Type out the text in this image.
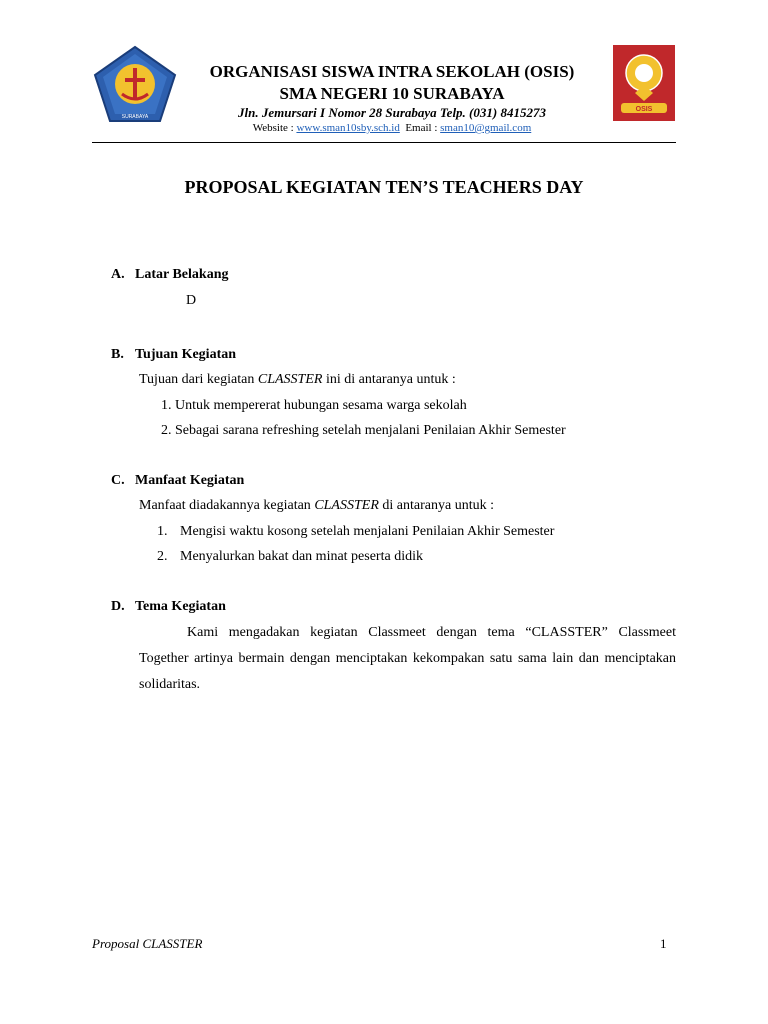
SURABAYA
OSIS
ORGANISASI SISWA INTRA SEKOLAH (OSIS)
SMA NEGERI 10 SURABAYA
Jln. Jemursari I Nomor 28 Surabaya Telp. (031) 8415273
Website : www.sman10sby.sch.id Email : sman10@gmail.com
PROPOSAL KEGIATAN TEN’S TEACHERS DAY
A. Latar Belakang
D
B. Tujuan Kegiatan
Tujuan dari kegiatan CLASSTER ini di antaranya untuk :
1. Untuk mempererat hubungan sesama warga sekolah
2. Sebagai sarana refreshing setelah menjalani Penilaian Akhir Semester
C. Manfaat Kegiatan
Manfaat diadakannya kegiatan CLASSTER di antaranya untuk :
1. Mengisi waktu kosong setelah menjalani Penilaian Akhir Semester
2. Menyalurkan bakat dan minat peserta didik
D. Tema Kegiatan
Kami mengadakan kegiatan Classmeet dengan tema “CLASSTER” Classmeet Together artinya bermain dengan menciptakan kekompakan satu sama lain dan menciptakan solidaritas.
Proposal CLASSTER	1
